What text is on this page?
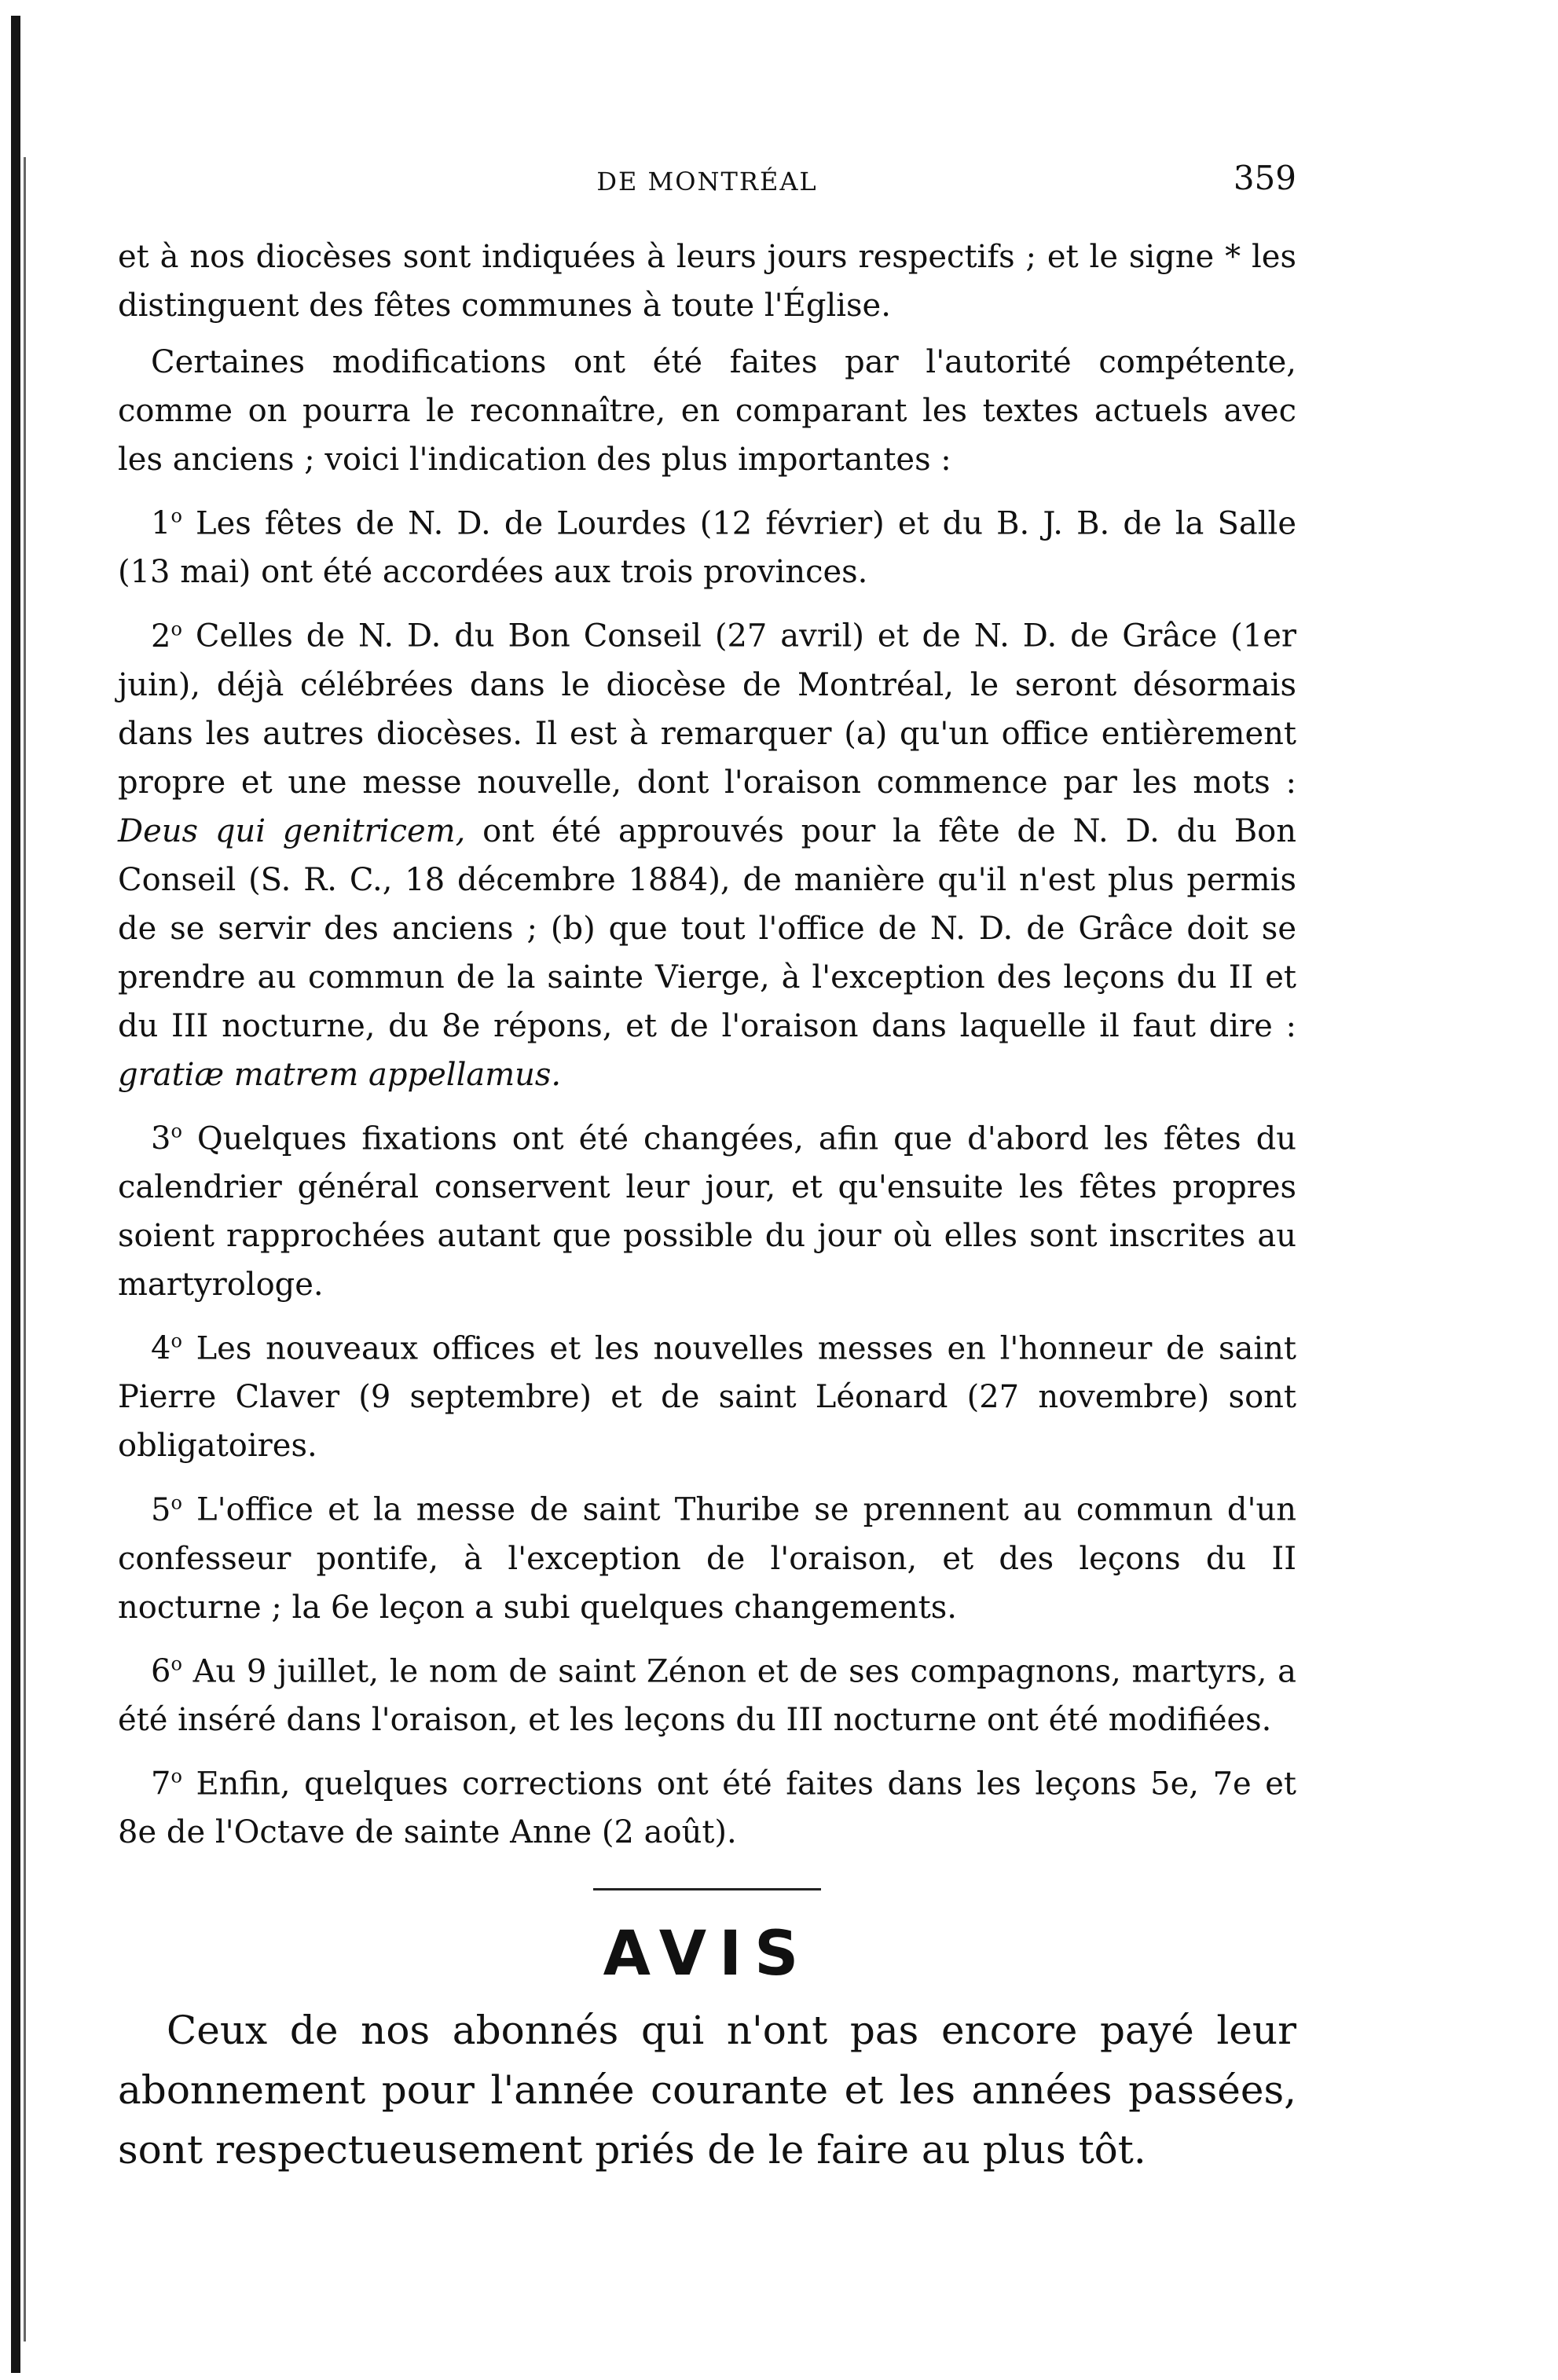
DE MONTRÉAL	359

et à nos diocèses sont indiquées à leurs jours respectifs ; et le signe * les distinguent des fêtes communes à toute l'Église.

Certaines modifications ont été faites par l'autorité compétente, comme on pourra le reconnaître, en comparant les textes actuels avec les anciens ; voici l'indication des plus importantes :

1$^o$ Les fêtes de N. D. de Lourdes (12 février) et du B. J. B. de la Salle (13 mai) ont été accordées aux trois provinces.

2$^o$ Celles de N. D. du Bon Conseil (27 avril) et de N. D. de Grâce (1er juin), déjà célébrées dans le diocèse de Montréal, le seront désormais dans les autres diocèses. Il est à remarquer (a) qu'un office entièrement propre et une messe nouvelle, dont l'oraison commence par les mots : Deus qui genitricem, ont été approuvés pour la fête de N. D. du Bon Conseil (S. R. C., 18 décembre 1884), de manière qu'il n'est plus permis de se servir des anciens ; (b) que tout l'office de N. D. de Grâce doit se prendre au commun de la sainte Vierge, à l'exception des leçons du II et du III nocturne, du 8e répons, et de l'oraison dans laquelle il faut dire : gratiæ matrem appellamus.

3$^o$ Quelques fixations ont été changées, afin que d'abord les fêtes du calendrier général conservent leur jour, et qu'ensuite les fêtes propres soient rapprochées autant que possible du jour où elles sont inscrites au martyrologe.

4$^o$ Les nouveaux offices et les nouvelles messes en l'honneur de saint Pierre Claver (9 septembre) et de saint Léonard (27 novembre) sont obligatoires.

5$^o$ L'office et la messe de saint Thuribe se prennent au commun d'un confesseur pontife, à l'exception de l'oraison, et des leçons du II nocturne ; la 6e leçon a subi quelques changements.

6$^o$ Au 9 juillet, le nom de saint Zénon et de ses compagnons, martyrs, a été inséré dans l'oraison, et les leçons du III nocturne ont été modifiées.

7$^o$ Enfin, quelques corrections ont été faites dans les leçons 5e, 7e et 8e de l'Octave de sainte Anne (2 août).

AVIS

Ceux de nos abonnés qui n'ont pas encore payé leur abonnement pour l'année courante et les années passées, sont respectueusement priés de le faire au plus tôt.
